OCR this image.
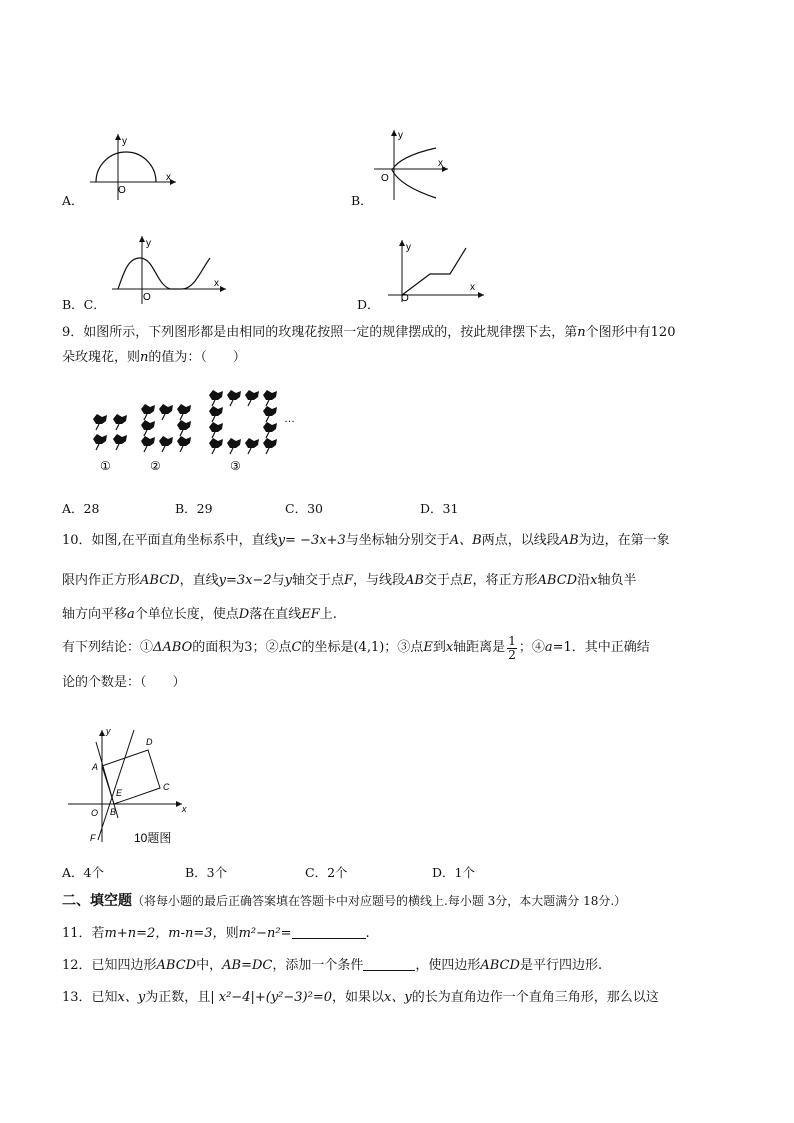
A．
y
x
O
B．
y
x
O
B．C．
y
x
O	D．
y
x
O
9．如图所示，下列图形都是由相同的玫瑰花按照一定的规律摆成的，按此规律摆下去，第n个图形中有120
朵玫瑰花，则n的值为：（　　）
…
①	②	③
A．28	B．29	C．30	D．31
10．如图,在平面直角坐标系中，直线y= −3x+3与坐标轴分别交于A、B两点，以线段AB为边，在第一象
限内作正方形ABCD，直线y=3x−2与y轴交于点F，与线段AB交于点E，将正方形ABCD沿x轴负半
轴方向平移a个单位长度，使点D落在直线EF上.
有下列结论：① ΔABO 的面积为3；②点 C 的坐标是(4,1)；③点 E 到 x 轴距离是 $\frac{1}{2}$ ；④ a =1．其中正确结
论的个数是：（　　）
y
x
A
B
C
D
E
F
O
10题图
A．4个	B．3个	C．2个	D．1个
二、填空题（将每小题的最后正确答案填在答题卡中对应题号的横线上.每小题 3分，本大题满分 18分.）
11．若m+n=2，m-n=3，则m²−n²=	.
12．已知四边形ABCD中，AB=DC，添加一个条件	，使四边形ABCD是平行四边形.
13．已知x、y为正数，且| x²−4|+(y²−3)²=0，如果以x、y的长为直角边作一个直角三角形，那么以这
